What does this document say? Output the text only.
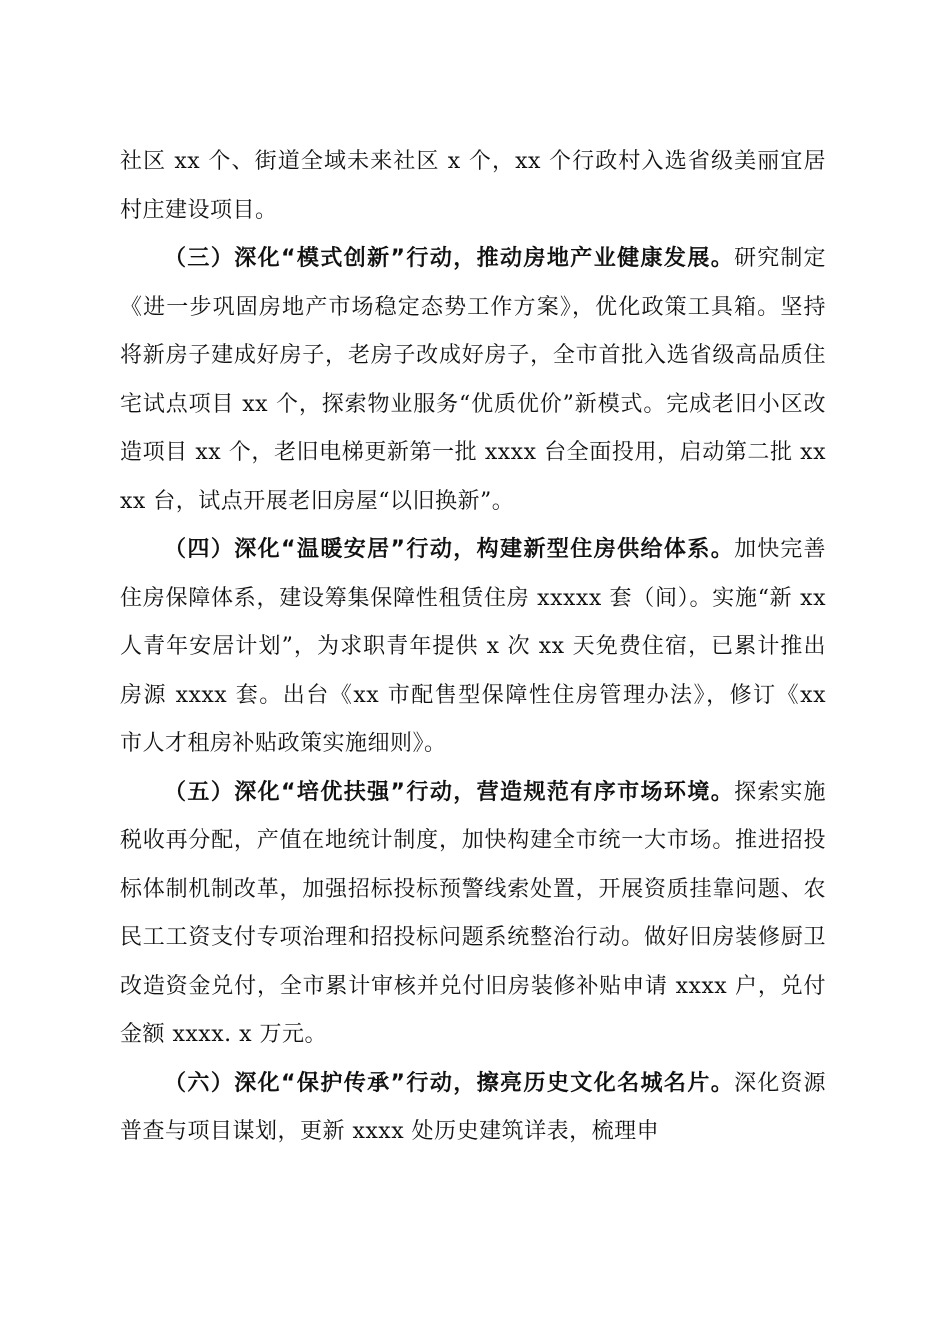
社区 xx 个、街道全域未来社区 x 个，xx 个行政村入选省级美丽宜居村庄建设项目。

（三）深化“模式创新”行动，推动房地产业健康发展。研究制定《进一步巩固房地产市场稳定态势工作方案》，优化政策工具箱。坚持将新房子建成好房子，老房子改成好房子，全市首批入选省级高品质住宅试点项目 xx 个，探索物业服务“优质优价”新模式。完成老旧小区改造项目 xx 个，老旧电梯更新第一批 xxxx 台全面投用，启动第二批 xxxx 台，试点开展老旧房屋“以旧换新”。

（四）深化“温暖安居”行动，构建新型住房供给体系。加快完善住房保障体系，建设筹集保障性租赁住房 xxxxx 套（间）。实施“新 xx 人青年安居计划”，为求职青年提供 x 次 xx 天免费住宿，已累计推出房源 xxxx 套。出台《xx 市配售型保障性住房管理办法》，修订《xx 市人才租房补贴政策实施细则》。

（五）深化“培优扶强”行动，营造规范有序市场环境。探索实施税收再分配，产值在地统计制度，加快构建全市统一大市场。推进招投标体制机制改革，加强招标投标预警线索处置，开展资质挂靠问题、农民工工资支付专项治理和招投标问题系统整治行动。做好旧房装修厨卫改造资金兑付，全市累计审核并兑付旧房装修补贴申请 xxxx 户，兑付金额 xxxx. x 万元。

（六）深化“保护传承”行动，擦亮历史文化名城名片。深化资源普查与项目谋划，更新 xxxx 处历史建筑详表，梳理申
